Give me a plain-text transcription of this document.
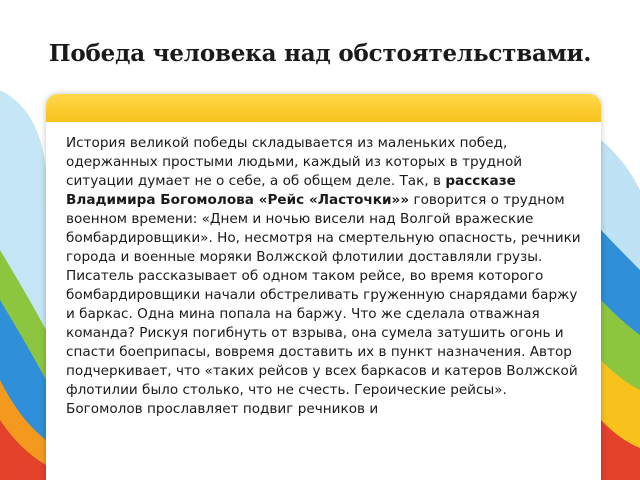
Победа человека над обстоятельствами.
История великой победы складывается из маленьких побед, одержанных простыми людьми, каждый из которых в трудной ситуации думает не о себе, а об общем деле. Так, в рассказе Владимира Богомолова «Рейс «Ласточки»» говорится о трудном военном времени: «Днем и ночью висели над Волгой вражеские бомбардировщики». Но, несмотря на смертельную опасность, речники города и военные моряки Волжской флотилии доставляли грузы. Писатель рассказывает об одном таком рейсе, во время которого бомбардировщики начали обстреливать груженную снарядами баржу и баркас. Одна мина попала на баржу. Что же сделала отважная команда? Рискуя погибнуть от взрыва, она сумела затушить огонь и спасти боеприпасы, вовремя доставить их в пункт назначения. Автор подчеркивает, что «таких рейсов у всех баркасов и катеров Волжской флотилии было столько, что не счесть. Героические рейсы». Богомолов прославляет подвиг речников и
